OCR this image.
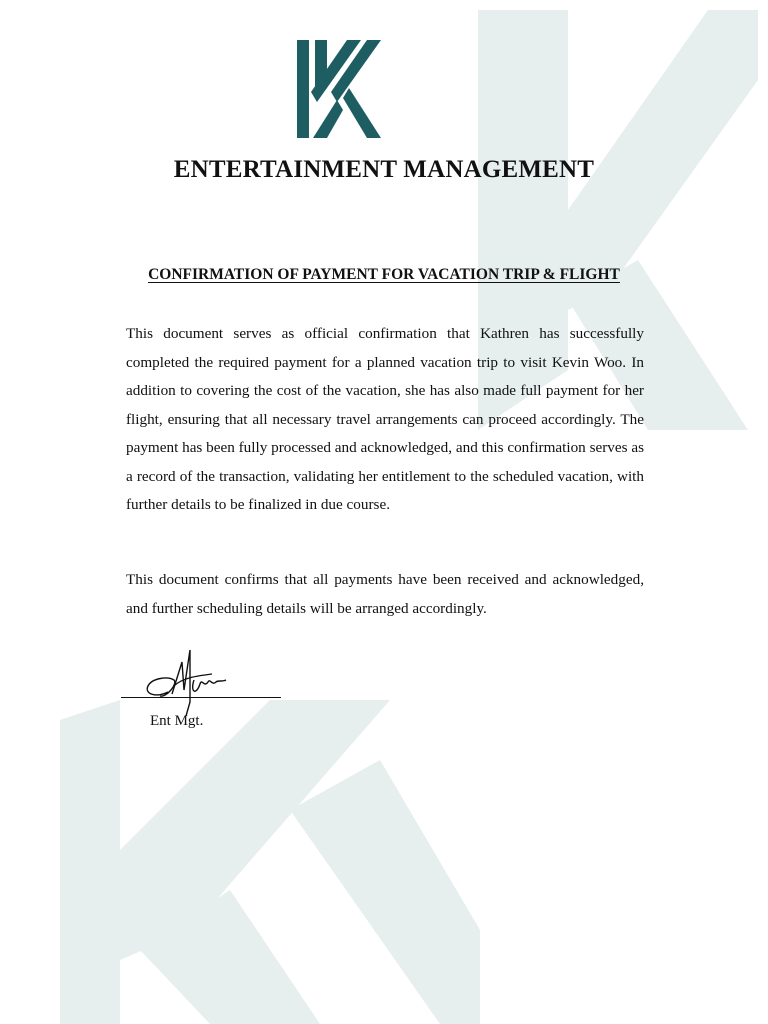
ENTERTAINMENT MANAGEMENT
CONFIRMATION OF PAYMENT FOR VACATION TRIP & FLIGHT

This document serves as official confirmation that Kathren has successfully completed the required payment for a planned vacation trip to visit Kevin Woo. In addition to covering the cost of the vacation, she has also made full payment for her flight, ensuring that all necessary travel arrangements can proceed accordingly. The payment has been fully processed and acknowledged, and this confirmation serves as a record of the transaction, validating her entitlement to the scheduled vacation, with further details to be finalized in due course.

This document confirms that all payments have been received and acknowledged, and further scheduling details will be arranged accordingly.

Ent Mgt.
